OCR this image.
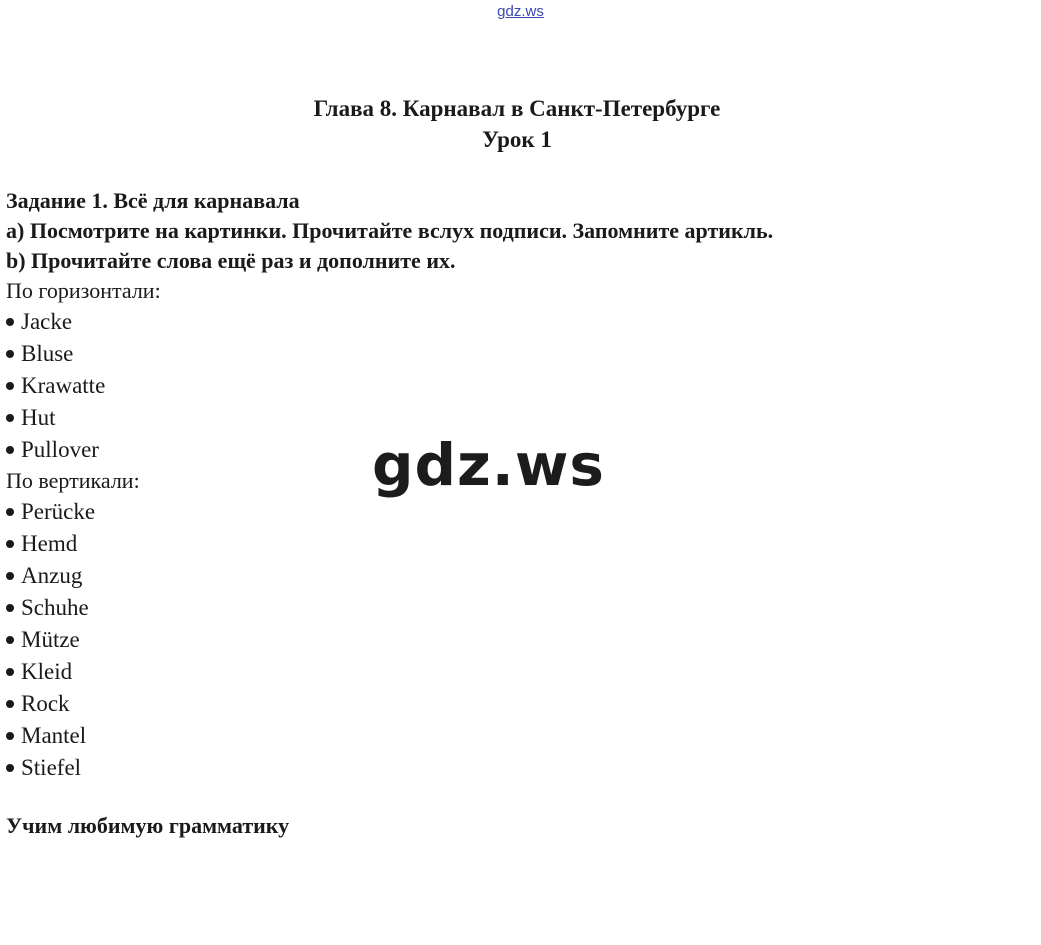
gdz.ws
Глава 8. Карнавал в Санкт-Петербурге
Урок 1
Задание 1. Всё для карнавала
a) Посмотрите на картинки. Прочитайте вслух подписи. Запомните артикль.
b) Прочитайте слова ещё раз и дополните их.
По горизонтали:
Jacke
Bluse
Krawatte
Hut
Pullover
По вертикали:
Perücke
Hemd
Anzug
Schuhe
Mütze
Kleid
Rock
Mantel
Stiefel
Учим любимую грамматику
gdz.ws
